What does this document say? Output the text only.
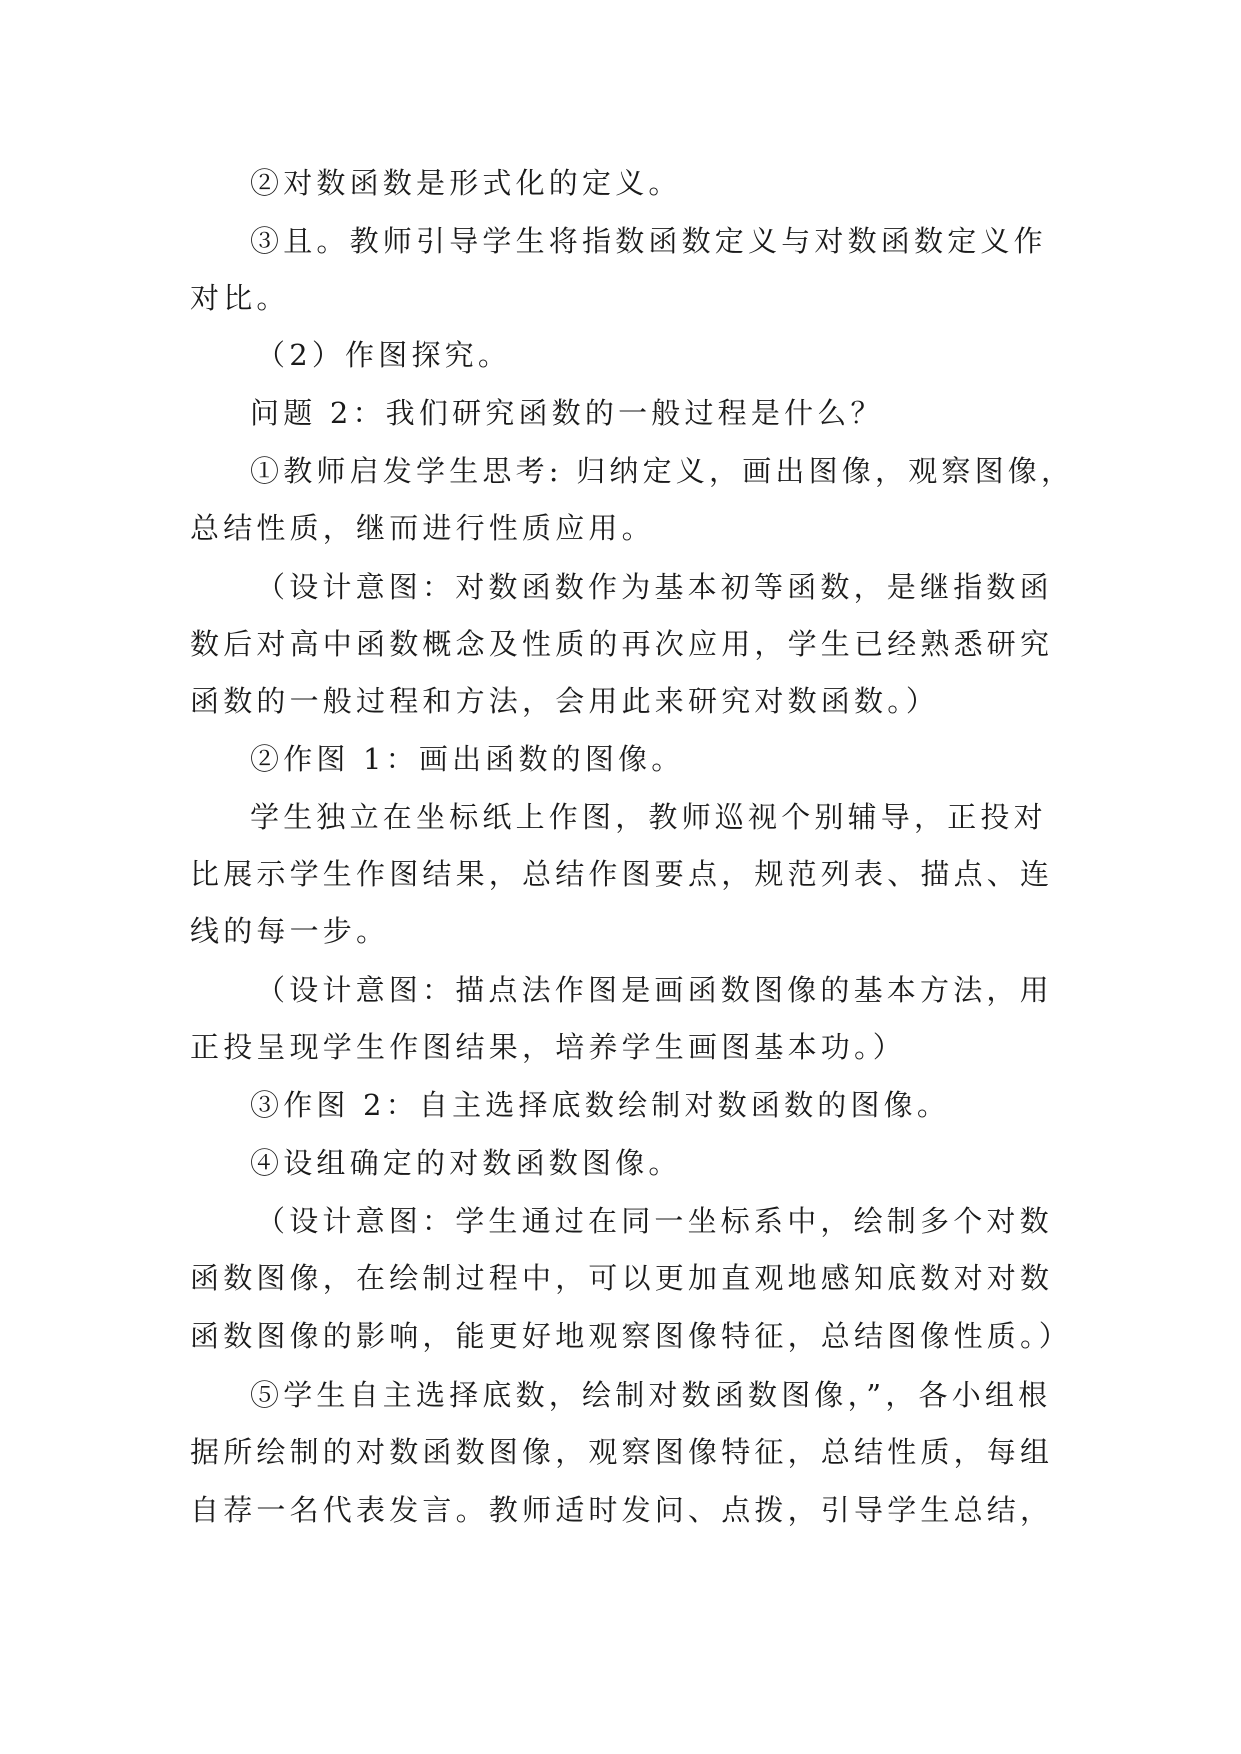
②对数函数是形式化的定义。
③且。教师引导学生将指数函数定义与对数函数定义作
对比。
（2）作图探究。
问题 2：我们研究函数的一般过程是什么？
①教师启发学生思考: 归纳定义，画出图像，观察图像，
总结性质，继而进行性质应用。
（设计意图：对数函数作为基本初等函数，是继指数函
数后对高中函数概念及性质的再次应用，学生已经熟悉研究
函数的一般过程和方法，会用此来研究对数函数。）
②作图 1：画出函数的图像。
学生独立在坐标纸上作图，教师巡视个别辅导，正投对
比展示学生作图结果，总结作图要点，规范列表、描点、连
线的每一步。
（设计意图：描点法作图是画函数图像的基本方法，用
正投呈现学生作图结果，培养学生画图基本功。）
③作图 2：自主选择底数绘制对数函数的图像。
④设组确定的对数函数图像。
（设计意图：学生通过在同一坐标系中，绘制多个对数
函数图像，在绘制过程中，可以更加直观地感知底数对对数
函数图像的影响，能更好地观察图像特征，总结图像性质。）
⑤学生自主选择底数，绘制对数函数图像，”，各小组根
据所绘制的对数函数图像，观察图像特征，总结性质，每组
自荐一名代表发言。教师适时发问、点拨，引导学生总结，
